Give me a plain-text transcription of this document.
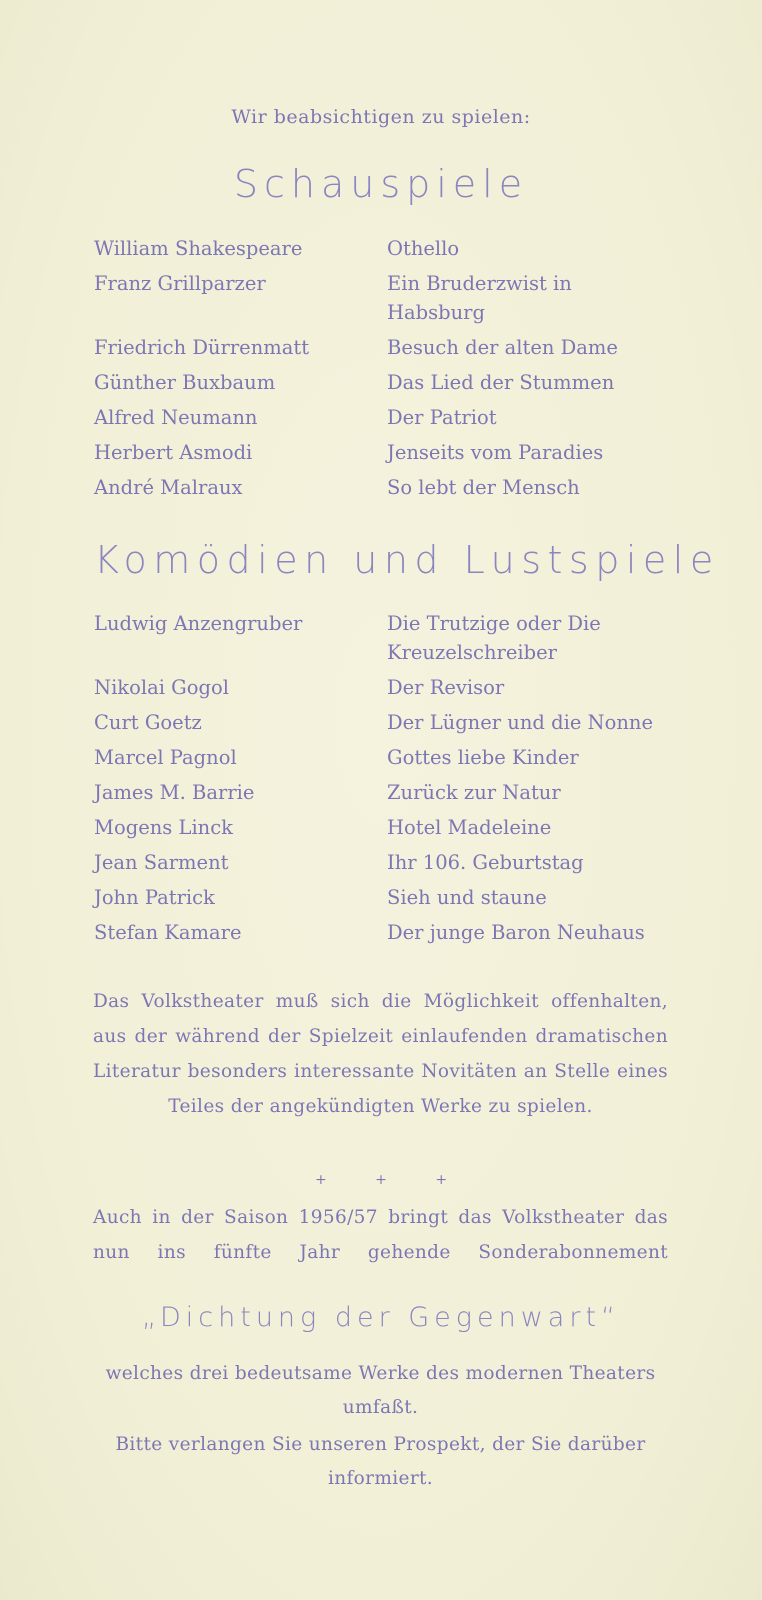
Wir beabsichtigen zu spielen:
Schauspiele
William Shakespeare	Othello
Franz Grillparzer	Ein Bruderzwist in Habsburg
Friedrich Dürrenmatt	Besuch der alten Dame
Günther Buxbaum	Das Lied der Stummen
Alfred Neumann	Der Patriot
Herbert Asmodi	Jenseits vom Paradies
André Malraux	So lebt der Mensch
Komödien und Lustspiele
Ludwig Anzengruber	Die Trutzige oder Die Kreuzelschreiber
Nikolai Gogol	Der Revisor
Curt Goetz	Der Lügner und die Nonne
Marcel Pagnol	Gottes liebe Kinder
James M. Barrie	Zurück zur Natur
Mogens Linck	Hotel Madeleine
Jean Sarment	Ihr 106. Geburtstag
John Patrick	Sieh und staune
Stefan Kamare	Der junge Baron Neuhaus
Das Volkstheater muß sich die Möglichkeit offenhalten, aus der während der Spielzeit einlaufenden dramatischen Literatur besonders interessante Novitäten an Stelle eines Teiles der angekündigten Werke zu spielen.
+ + +
Auch in der Saison 1956/57 bringt das Volkstheater das nun ins fünfte Jahr gehende Sonderabonnement
„Dichtung der Gegenwart“
welches drei bedeutsame Werke des modernen Theaters umfaßt.
Bitte verlangen Sie unseren Prospekt, der Sie darüber informiert.
